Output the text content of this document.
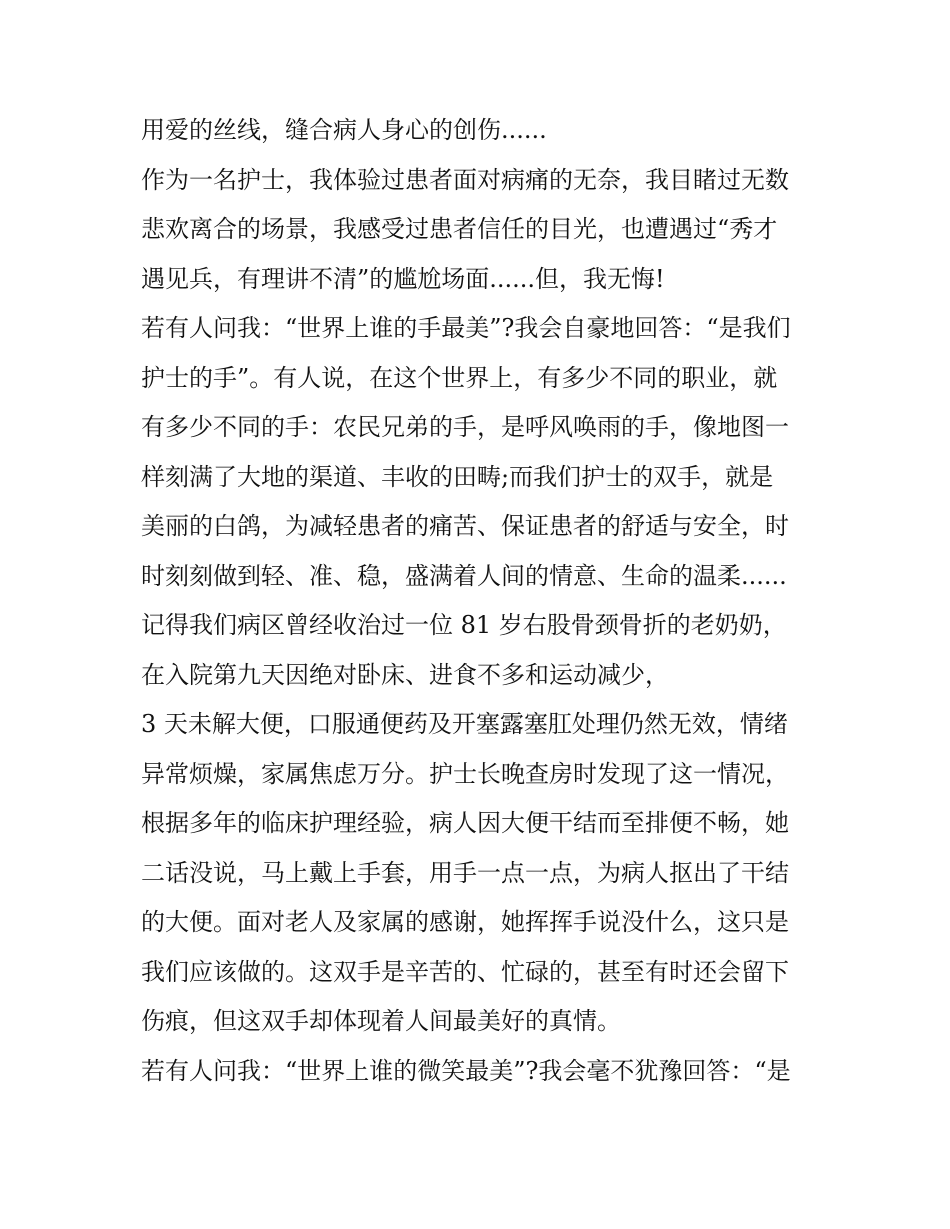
用爱的丝线，缝合病人身心的创伤......
作为一名护士，我体验过患者面对病痛的无奈，我目睹过无数
悲欢离合的场景，我感受过患者信任的目光，也遭遇过“秀才
遇见兵，有理讲不清”的尴尬场面......但，我无悔!
若有人问我：“世界上谁的手最美”?我会自豪地回答：“是我们
护士的手”。有人说，在这个世界上，有多少不同的职业，就
有多少不同的手：农民兄弟的手，是呼风唤雨的手，像地图一
样刻满了大地的渠道、丰收的田畴;而我们护士的双手，就是
美丽的白鸽，为减轻患者的痛苦、保证患者的舒适与安全，时
时刻刻做到轻、准、稳，盛满着人间的情意、生命的温柔......
记得我们病区曾经收治过一位 81 岁右股骨颈骨折的老奶奶，
在入院第九天因绝对卧床、进食不多和运动减少，
3 天未解大便，口服通便药及开塞露塞肛处理仍然无效，情绪
异常烦燥，家属焦虑万分。护士长晚查房时发现了这一情况，
根据多年的临床护理经验，病人因大便干结而至排便不畅，她
二话没说，马上戴上手套，用手一点一点，为病人抠出了干结
的大便。面对老人及家属的感谢，她挥挥手说没什么，这只是
我们应该做的。这双手是辛苦的、忙碌的，甚至有时还会留下
伤痕，但这双手却体现着人间最美好的真情。
若有人问我：“世界上谁的微笑最美”?我会毫不犹豫回答：“是
